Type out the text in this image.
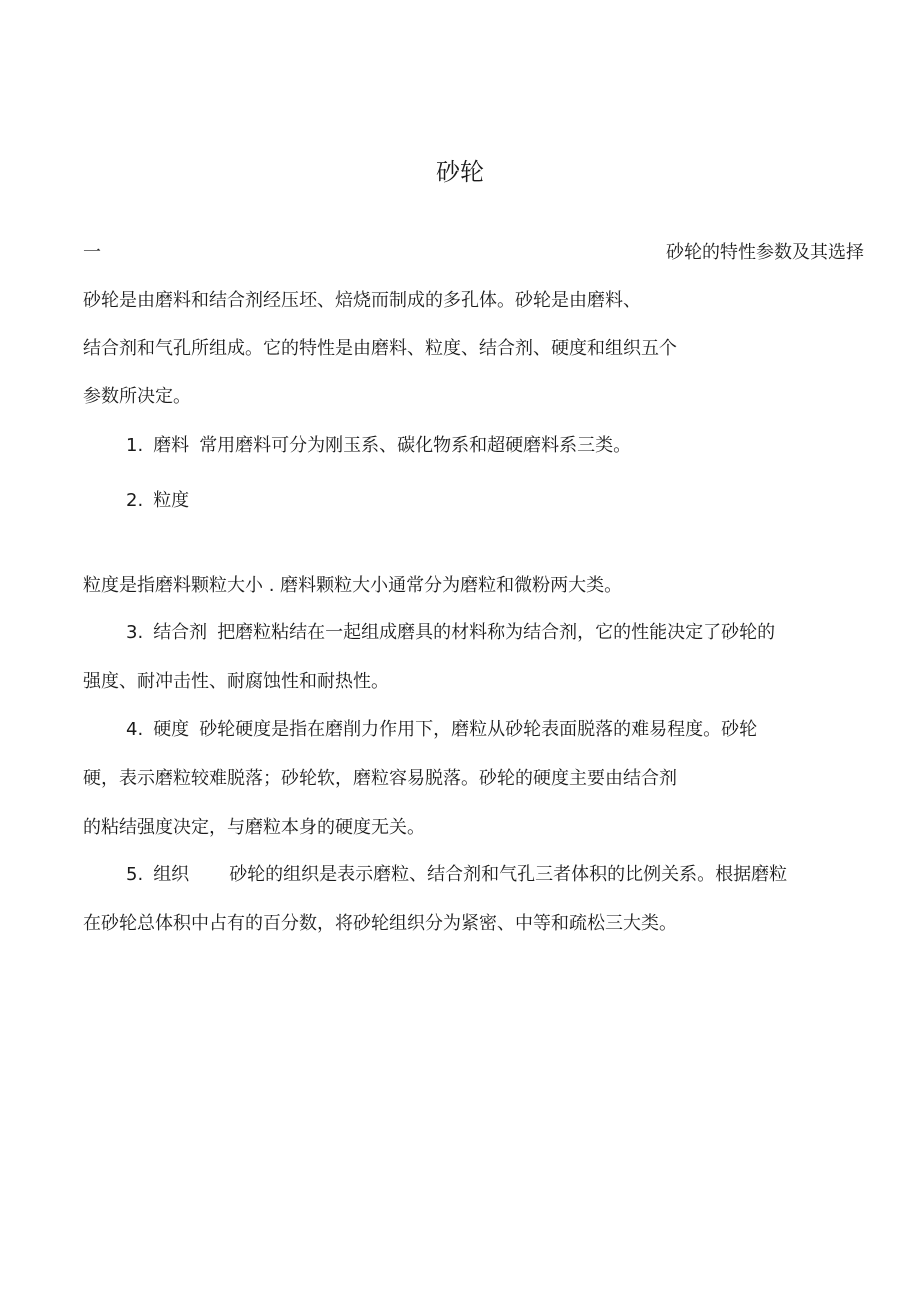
砂轮
一	砂轮的特性参数及其选择
砂轮是由磨料和结合剂经压坯、焙烧而制成的多孔体。砂轮是由磨料、
结合剂和气孔所组成。它的特性是由磨料、粒度、结合剂、硬度和组织五个
参数所决定。
1. 磨料 常用磨料可分为刚玉系、碳化物系和超硬磨料系三类。
2. 粒度
粒度是指磨料颗粒大小 . 磨料颗粒大小通常分为磨粒和微粉两大类。
3. 结合剂 把磨粒粘结在一起组成磨具的材料称为结合剂，它的性能决定了砂轮的
强度、耐冲击性、耐腐蚀性和耐热性。
4. 硬度 砂轮硬度是指在磨削力作用下，磨粒从砂轮表面脱落的难易程度。砂轮
硬，表示磨粒较难脱落；砂轮软，磨粒容易脱落。砂轮的硬度主要由结合剂
的粘结强度决定，与磨粒本身的硬度无关。
5. 组织 砂轮的组织是表示磨粒、结合剂和气孔三者体积的比例关系。根据磨粒
在砂轮总体积中占有的百分数，将砂轮组织分为紧密、中等和疏松三大类。
